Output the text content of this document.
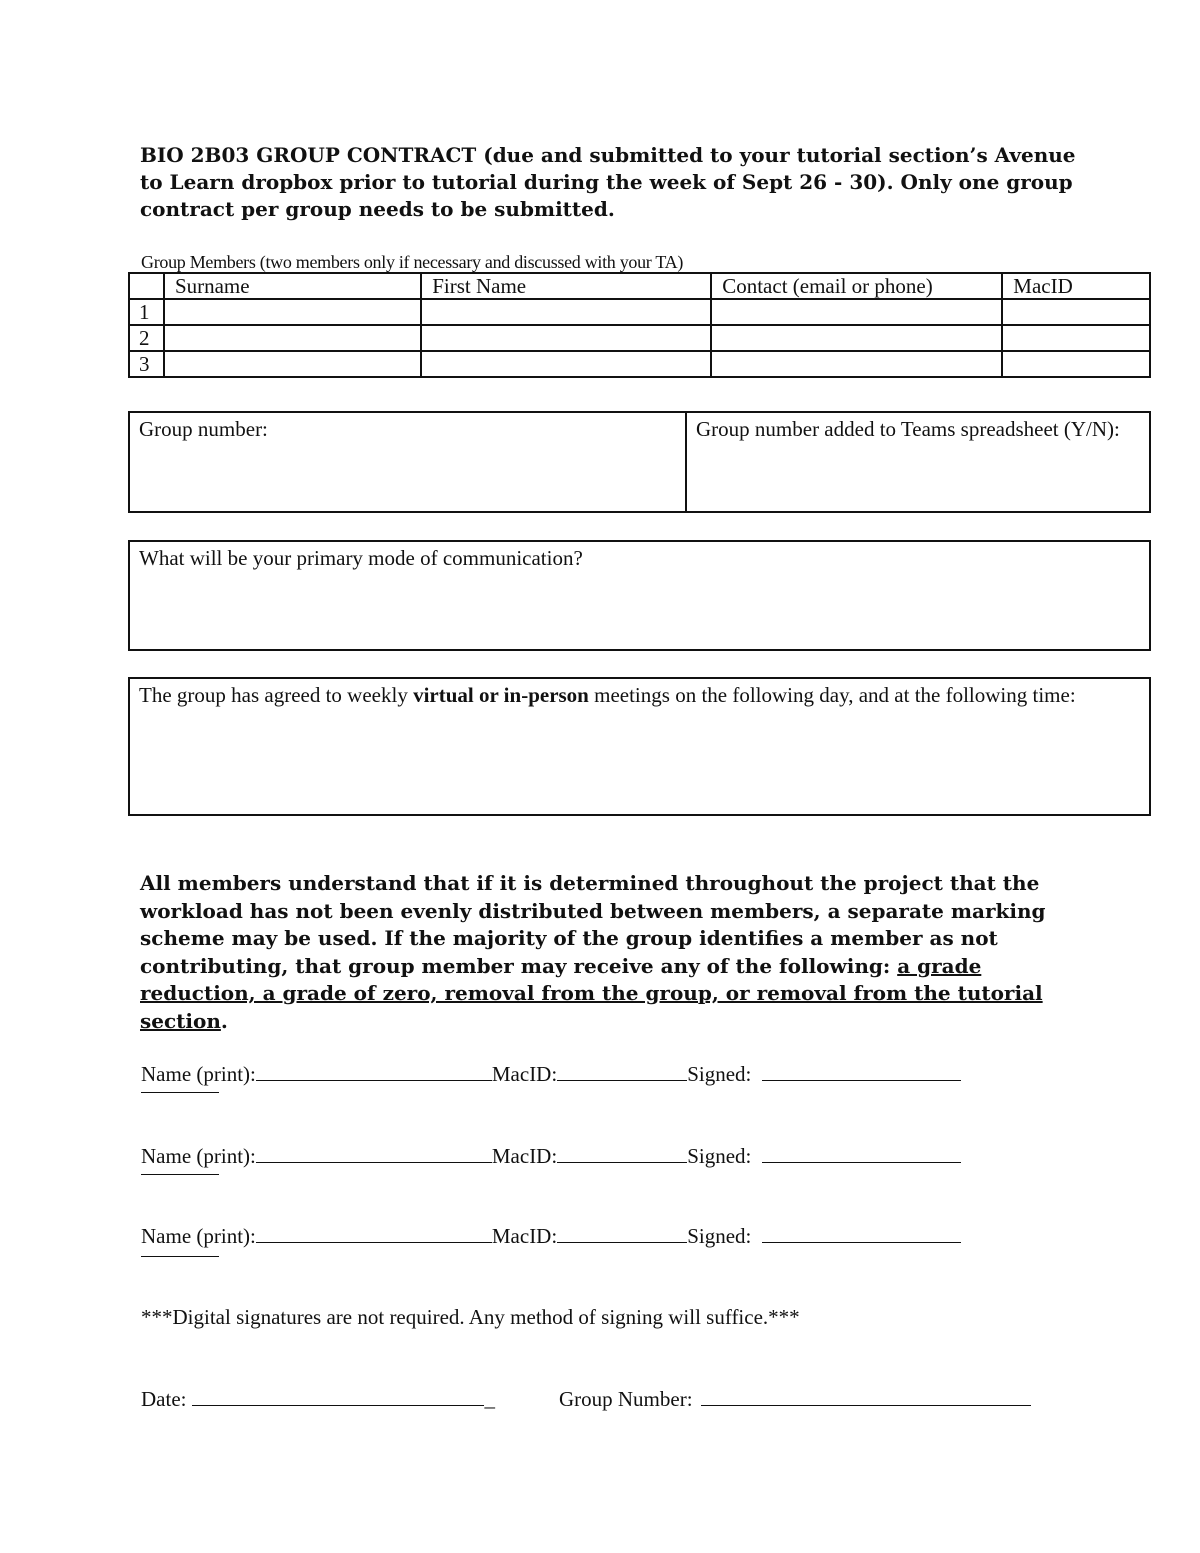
BIO 2B03 GROUP CONTRACT (due and submitted to your tutorial section’s Avenue to Learn dropbox prior to tutorial during the week of Sept 26 - 30). Only one group contract per group needs to be submitted.
Group Members (two members only if necessary and discussed with your TA)
	Surname	First Name	Contact (email or phone)	MacID
1				
2				
3				
Group number:	Group number added to Teams spreadsheet (Y/N):
What will be your primary mode of communication?
The group has agreed to weekly virtual or in-person meetings on the following day, and at the following time:
All members understand that if it is determined throughout the project that the workload has not been evenly distributed between members, a separate marking scheme may be used. If the majority of the group identifies a member as not contributing, that group member may receive any of the following: a grade reduction, a grade of zero, removal from the group, or removal from the tutorial section.
Name (print):	MacID:	Signed:
Name (print):	MacID:	Signed:
Name (print):	MacID:	Signed:
***Digital signatures are not required. Any method of signing will suffice.***
Date:	_	Group Number:
